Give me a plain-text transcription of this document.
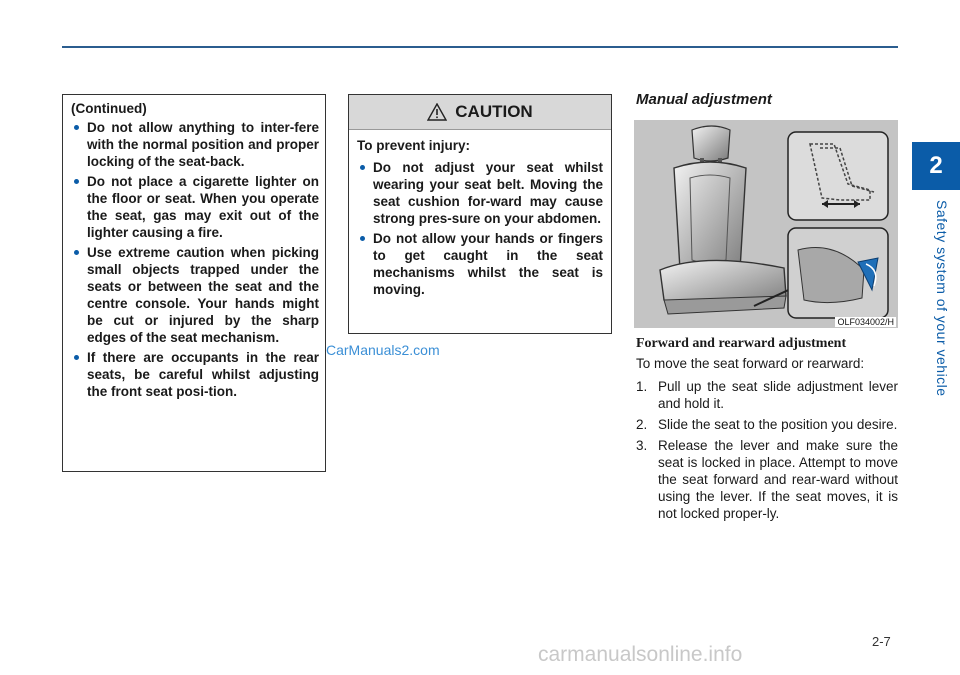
2
Safety system of your vehicle
(Continued)
Do not allow anything to inter-fere with the normal position and proper locking of the seat-back.
Do not place a cigarette lighter on the floor or seat. When you operate the seat, gas may exit out of the lighter causing a fire.
Use extreme caution when picking small objects trapped under the seats or between the seat and the centre console. Your hands might be cut or injured by the sharp edges of the seat mechanism.
If there are occupants in the rear seats, be careful whilst adjusting the front seat posi-tion.
CAUTION
To prevent injury:
Do not adjust your seat whilst wearing your seat belt. Moving the seat cushion for-ward may cause strong pres-sure on your abdomen.
Do not allow your hands or fingers to get caught in the seat mechanisms whilst the seat is moving.
CarManuals2.com
Manual adjustment
OLF034002/H
Forward and rearward adjustment
To move the seat forward or rearward:
1. Pull up the seat slide adjustment lever and hold it.
2. Slide the seat to the position you desire.
3. Release the lever and make sure the seat is locked in place. Attempt to move the seat forward and rear-ward without using the lever. If the seat moves, it is not locked proper-ly.
2-7
carmanualsonline.info
